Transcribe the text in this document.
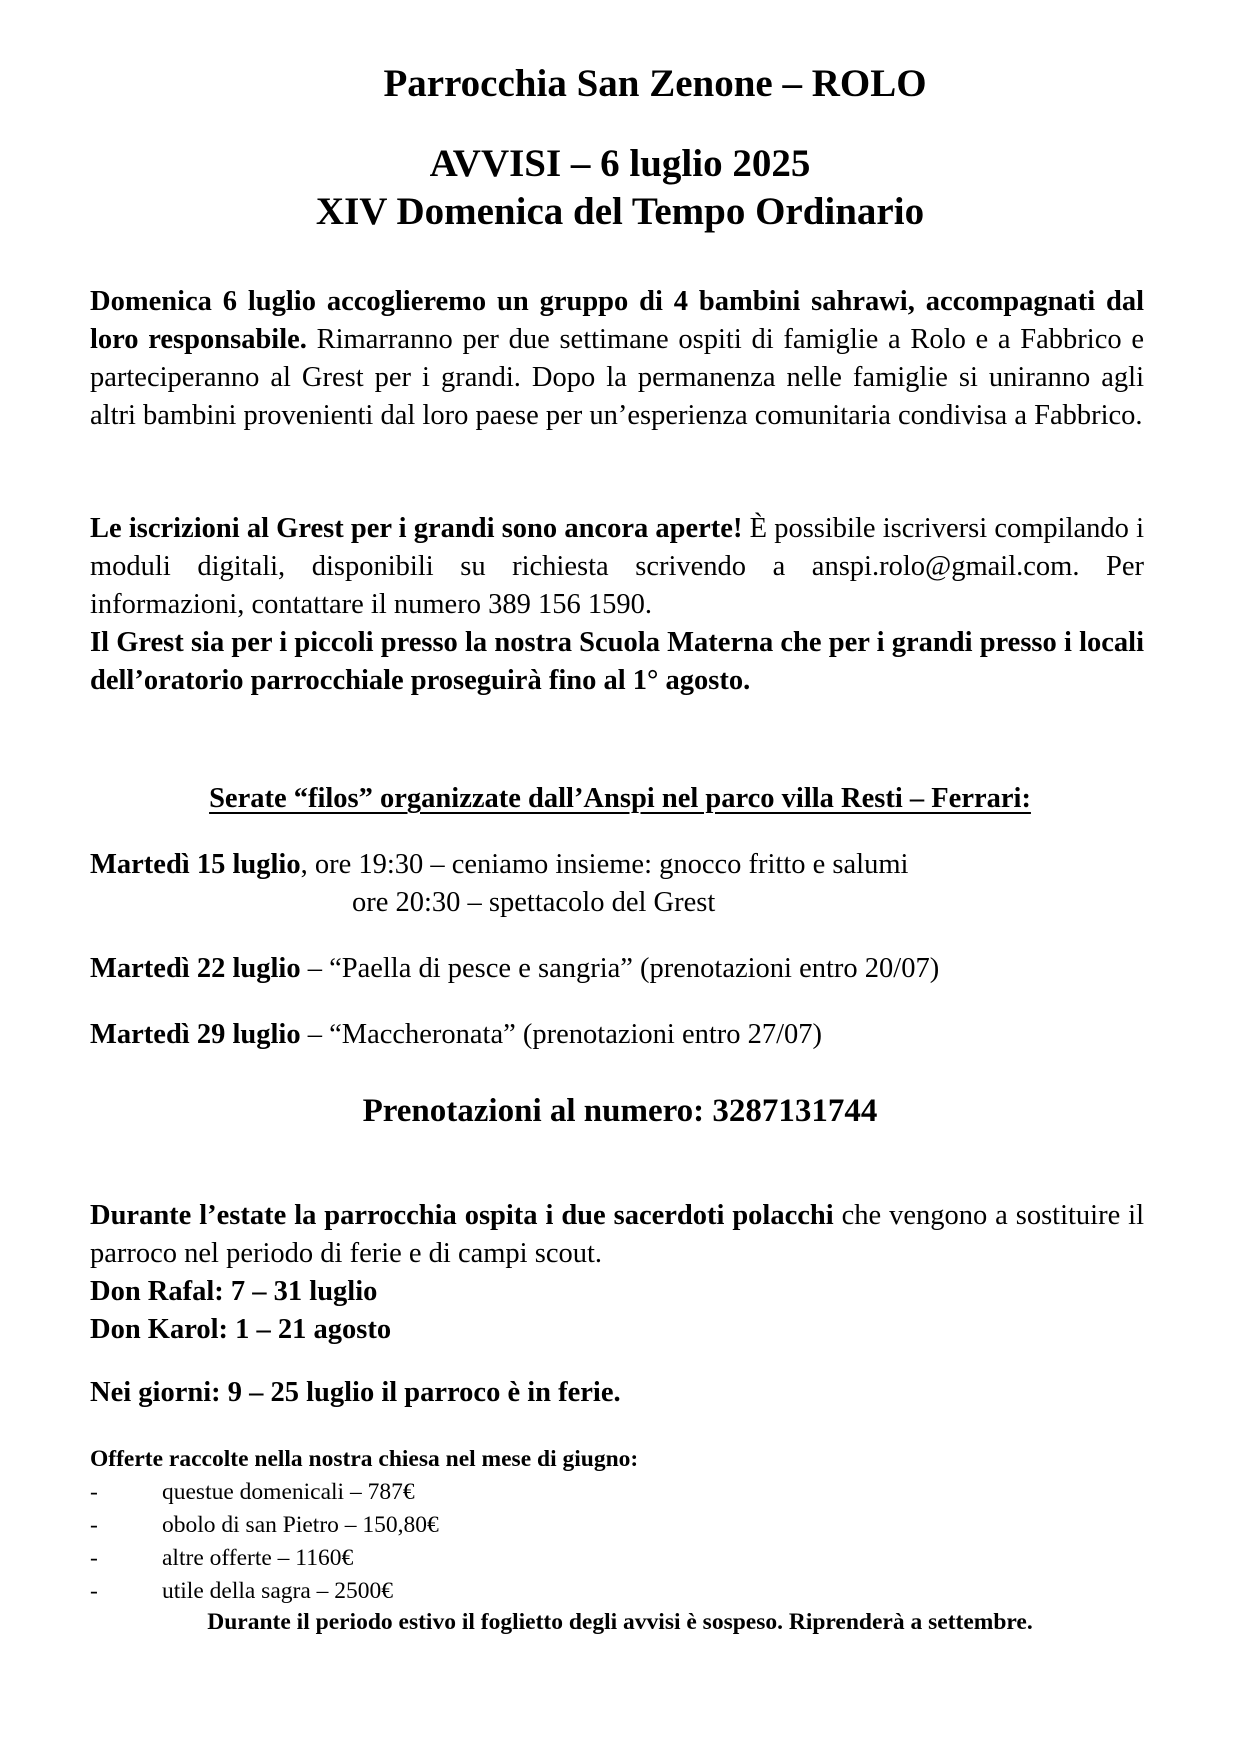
Parrocchia San Zenone – ROLO
AVVISI – 6 luglio 2025
XIV Domenica del Tempo Ordinario

Domenica 6 luglio accoglieremo un gruppo di 4 bambini sahrawi, accompagnati dal loro responsabile. Rimarranno per due settimane ospiti di famiglie a Rolo e a Fabbrico e parteciperanno al Grest per i grandi. Dopo la permanenza nelle famiglie si uniranno agli altri bambini provenienti dal loro paese per un’esperienza comunitaria condivisa a Fabbrico.

Le iscrizioni al Grest per i grandi sono ancora aperte! È possibile iscriversi compilando i moduli digitali, disponibili su richiesta scrivendo a anspi.rolo@gmail.com. Per informazioni, contattare il numero 389 156 1590.

Il Grest sia per i piccoli presso la nostra Scuola Materna che per i grandi presso i locali dell’oratorio parrocchiale proseguirà fino al 1° agosto.

Serate “filos” organizzate dall’Anspi nel parco villa Resti – Ferrari:
Martedì 15 luglio, ore 19:30 – ceniamo insieme: gnocco fritto e salumi
ore 20:30 – spettacolo del Grest
Martedì 22 luglio – “Paella di pesce e sangria” (prenotazioni entro 20/07)
Martedì 29 luglio – “Maccheronata” (prenotazioni entro 27/07)
Prenotazioni al numero: 3287131744

Durante l’estate la parrocchia ospita i due sacerdoti polacchi che vengono a sostituire il parroco nel periodo di ferie e di campi scout.

Don Rafal: 7 – 31 luglio
Don Karol: 1 – 21 agosto
Nei giorni: 9 – 25 luglio il parroco è in ferie.
Offerte raccolte nella nostra chiesa nel mese di giugno:
-	questue domenicali – 787€
-	obolo di san Pietro – 150,80€
-	altre offerte – 1160€
-	utile della sagra – 2500€
Durante il periodo estivo il foglietto degli avvisi è sospeso. Riprenderà a settembre.
